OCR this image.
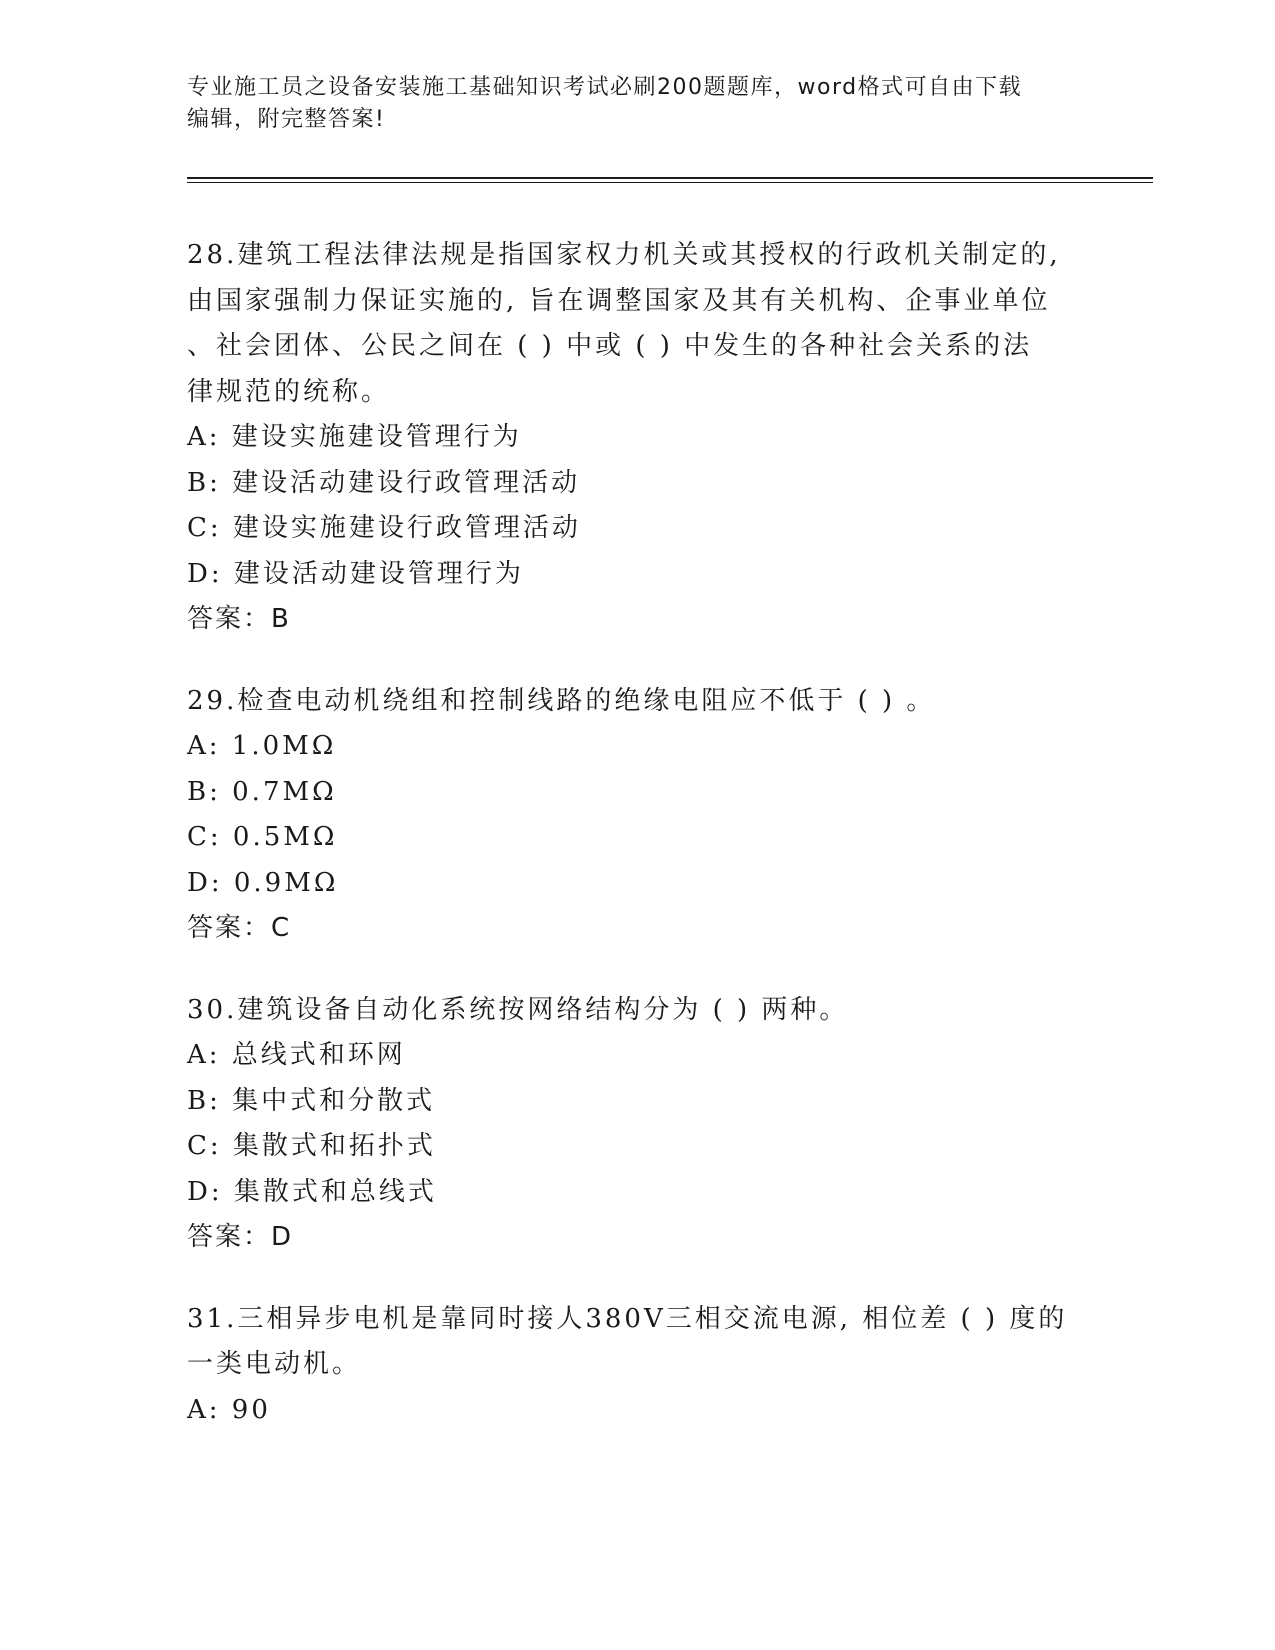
专业施工员之设备安装施工基础知识考试必刷200题题库，word格式可自由下载
编辑，附完整答案!
28.建筑工程法律法规是指国家权力机关或其授权的行政机关制定的,
由国家强制力保证实施的, 旨在调整国家及其有关机构、企事业单位
、社会团体、公民之间在 ( ) 中或 ( ) 中发生的各种社会关系的法
律规范的统称。
A: 建设实施建设管理行为
B: 建设活动建设行政管理活动
C: 建设实施建设行政管理活动
D: 建设活动建设管理行为
答案：B
29.检查电动机绕组和控制线路的绝缘电阻应不低于 ( ) 。
A: 1.0MΩ
B: 0.7MΩ
C: 0.5MΩ
D: 0.9MΩ
答案：C
30.建筑设备自动化系统按网络结构分为 ( ) 两种。
A: 总线式和环网
B: 集中式和分散式
C: 集散式和拓扑式
D: 集散式和总线式
答案：D
31.三相异步电机是靠同时接人380V三相交流电源, 相位差 ( ) 度的
一类电动机。
A: 90
